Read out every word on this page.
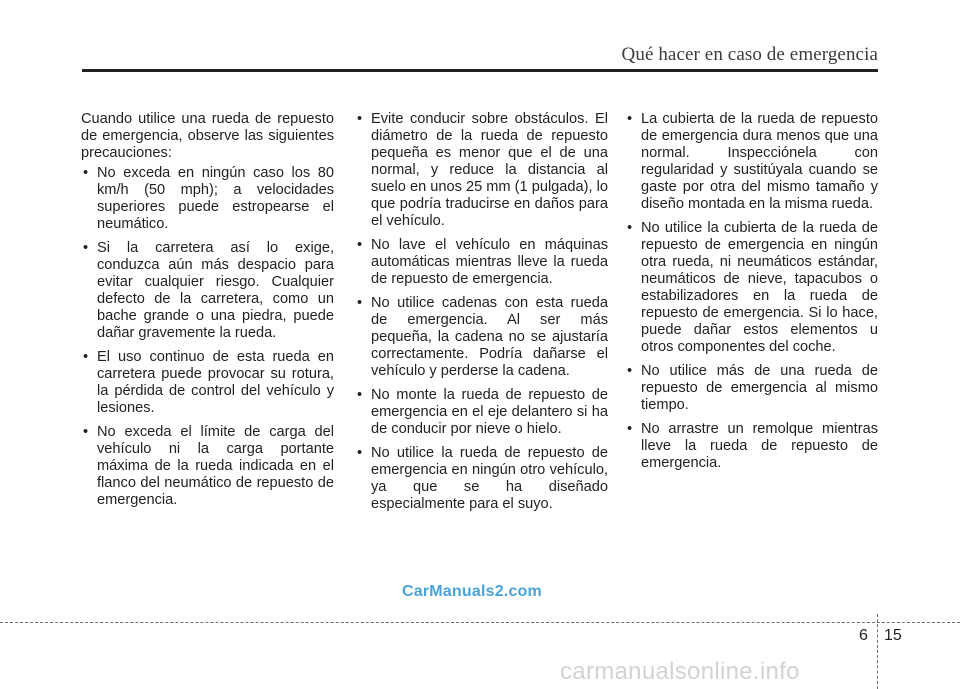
Qué hacer en caso de emergencia

Cuando utilice una rueda de repuesto de emergencia, observe las siguientes precauciones:

• No exceda en ningún caso los 80 km/h (50 mph); a velocidades superiores puede estropearse el neumático.
• Si la carretera así lo exige, conduzca aún más despacio para evitar cualquier riesgo. Cualquier defecto de la carretera, como un bache grande o una piedra, puede dañar gravemente la rueda.
• El uso continuo de esta rueda en carretera puede provocar su rotura, la pérdida de control del vehículo y lesiones.
• No exceda el límite de carga del vehículo ni la carga portante máxima de la rueda indicada en el flanco del neumático de repuesto de emergencia.
• Evite conducir sobre obstáculos. El diámetro de la rueda de repuesto pequeña es menor que el de una normal, y reduce la distancia al suelo en unos 25 mm (1 pulgada), lo que podría traducirse en daños para el vehículo.
• No lave el vehículo en máquinas automáticas mientras lleve la rueda de repuesto de emergencia.
• No utilice cadenas con esta rueda de emergencia. Al ser más pequeña, la cadena no se ajustaría correctamente. Podría dañarse el vehículo y perderse la cadena.
• No monte la rueda de repuesto de emergencia en el eje delantero si ha de conducir por nieve o hielo.
• No utilice la rueda de repuesto de emergencia en ningún otro vehículo, ya que se ha diseñado especialmente para el suyo.
• La cubierta de la rueda de repuesto de emergencia dura menos que una normal. Inspecciónela con regularidad y sustitúyala cuando se gaste por otra del mismo tamaño y diseño montada en la misma rueda.
• No utilice la cubierta de la rueda de repuesto de emergencia en ningún otra rueda, ni neumáticos estándar, neumáticos de nieve, tapacubos o estabilizadores en la rueda de repuesto de emergencia. Si lo hace, puede dañar estos elementos u otros componentes del coche.
• No utilice más de una rueda de repuesto de emergencia al mismo tiempo.
• No arrastre un remolque mientras lleve la rueda de repuesto de emergencia.
CarManuals2.com
6 15
carmanualsonline.info
